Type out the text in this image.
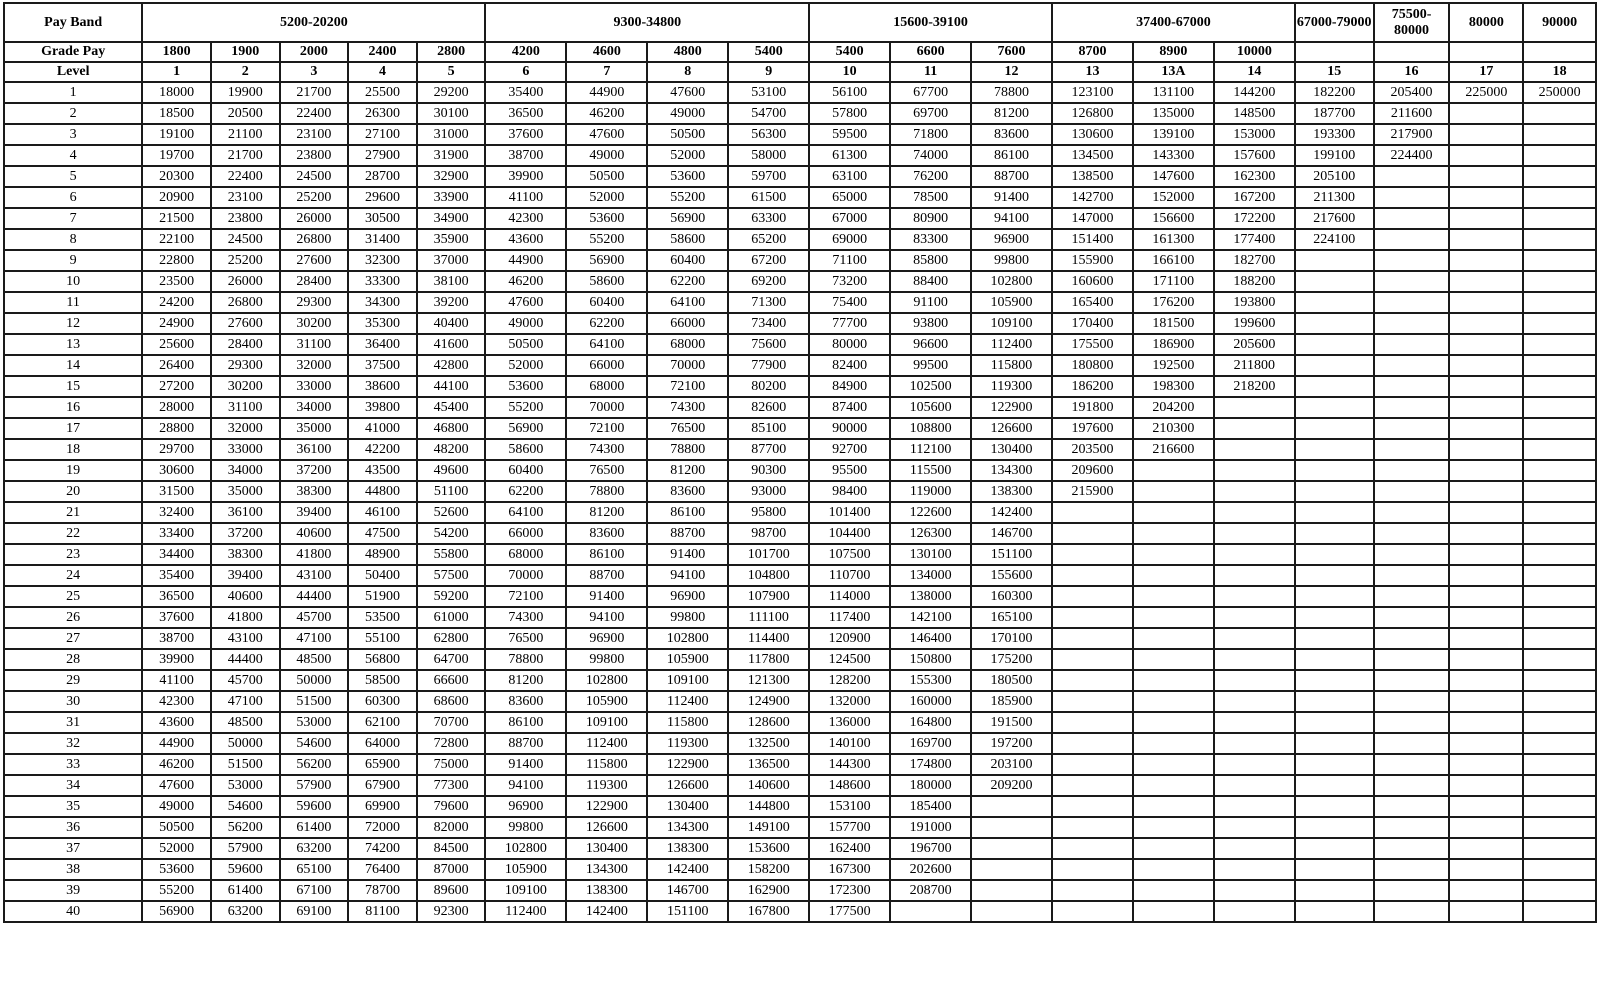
Pay Band	5200-20200					9300-34800				15600-39100			37400-67000			67000-79000	75500-80000	80000	90000
Grade Pay	1800	1900	2000	2400	2800	4200	4600	4800	5400	5400	6600	7600	8700	8900	10000				
Level	1	2	3	4	5	6	7	8	9	10	11	12	13	13A	14	15	16	17	18
1	18000	19900	21700	25500	29200	35400	44900	47600	53100	56100	67700	78800	123100	131100	144200	182200	205400	225000	250000
2	18500	20500	22400	26300	30100	36500	46200	49000	54700	57800	69700	81200	126800	135000	148500	187700	211600		
3	19100	21100	23100	27100	31000	37600	47600	50500	56300	59500	71800	83600	130600	139100	153000	193300	217900		
4	19700	21700	23800	27900	31900	38700	49000	52000	58000	61300	74000	86100	134500	143300	157600	199100	224400		
5	20300	22400	24500	28700	32900	39900	50500	53600	59700	63100	76200	88700	138500	147600	162300	205100			
6	20900	23100	25200	29600	33900	41100	52000	55200	61500	65000	78500	91400	142700	152000	167200	211300			
7	21500	23800	26000	30500	34900	42300	53600	56900	63300	67000	80900	94100	147000	156600	172200	217600			
8	22100	24500	26800	31400	35900	43600	55200	58600	65200	69000	83300	96900	151400	161300	177400	224100			
9	22800	25200	27600	32300	37000	44900	56900	60400	67200	71100	85800	99800	155900	166100	182700				
10	23500	26000	28400	33300	38100	46200	58600	62200	69200	73200	88400	102800	160600	171100	188200				
11	24200	26800	29300	34300	39200	47600	60400	64100	71300	75400	91100	105900	165400	176200	193800				
12	24900	27600	30200	35300	40400	49000	62200	66000	73400	77700	93800	109100	170400	181500	199600				
13	25600	28400	31100	36400	41600	50500	64100	68000	75600	80000	96600	112400	175500	186900	205600				
14	26400	29300	32000	37500	42800	52000	66000	70000	77900	82400	99500	115800	180800	192500	211800				
15	27200	30200	33000	38600	44100	53600	68000	72100	80200	84900	102500	119300	186200	198300	218200				
16	28000	31100	34000	39800	45400	55200	70000	74300	82600	87400	105600	122900	191800	204200					
17	28800	32000	35000	41000	46800	56900	72100	76500	85100	90000	108800	126600	197600	210300					
18	29700	33000	36100	42200	48200	58600	74300	78800	87700	92700	112100	130400	203500	216600					
19	30600	34000	37200	43500	49600	60400	76500	81200	90300	95500	115500	134300	209600						
20	31500	35000	38300	44800	51100	62200	78800	83600	93000	98400	119000	138300	215900						
21	32400	36100	39400	46100	52600	64100	81200	86100	95800	101400	122600	142400							
22	33400	37200	40600	47500	54200	66000	83600	88700	98700	104400	126300	146700							
23	34400	38300	41800	48900	55800	68000	86100	91400	101700	107500	130100	151100							
24	35400	39400	43100	50400	57500	70000	88700	94100	104800	110700	134000	155600							
25	36500	40600	44400	51900	59200	72100	91400	96900	107900	114000	138000	160300							
26	37600	41800	45700	53500	61000	74300	94100	99800	111100	117400	142100	165100							
27	38700	43100	47100	55100	62800	76500	96900	102800	114400	120900	146400	170100							
28	39900	44400	48500	56800	64700	78800	99800	105900	117800	124500	150800	175200							
29	41100	45700	50000	58500	66600	81200	102800	109100	121300	128200	155300	180500							
30	42300	47100	51500	60300	68600	83600	105900	112400	124900	132000	160000	185900							
31	43600	48500	53000	62100	70700	86100	109100	115800	128600	136000	164800	191500							
32	44900	50000	54600	64000	72800	88700	112400	119300	132500	140100	169700	197200							
33	46200	51500	56200	65900	75000	91400	115800	122900	136500	144300	174800	203100							
34	47600	53000	57900	67900	77300	94100	119300	126600	140600	148600	180000	209200							
35	49000	54600	59600	69900	79600	96900	122900	130400	144800	153100	185400								
36	50500	56200	61400	72000	82000	99800	126600	134300	149100	157700	191000								
37	52000	57900	63200	74200	84500	102800	130400	138300	153600	162400	196700								
38	53600	59600	65100	76400	87000	105900	134300	142400	158200	167300	202600								
39	55200	61400	67100	78700	89600	109100	138300	146700	162900	172300	208700								
40	56900	63200	69100	81100	92300	112400	142400	151100	167800	177500									
